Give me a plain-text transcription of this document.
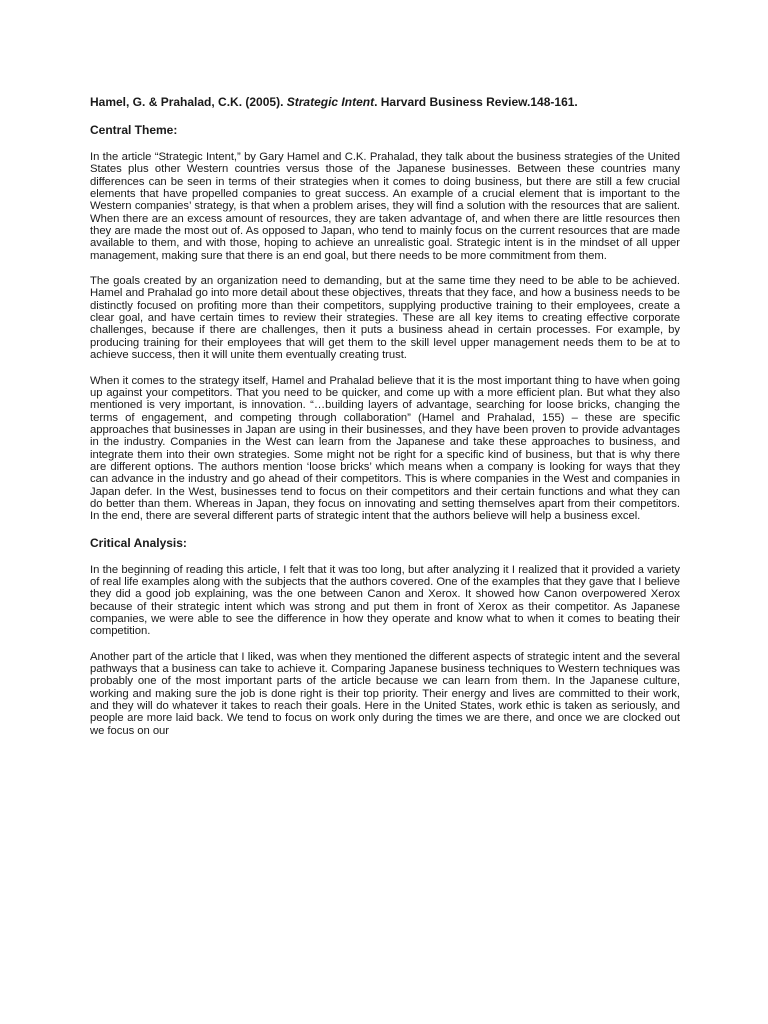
Hamel, G. & Prahalad, C.K. (2005). Strategic Intent. Harvard Business Review.148-161.

Central Theme:

In the article “Strategic Intent,” by Gary Hamel and C.K. Prahalad, they talk about the business strategies of the United States plus other Western countries versus those of the Japanese businesses. Between these countries many differences can be seen in terms of their strategies when it comes to doing business, but there are still a few crucial elements that have propelled companies to great success. An example of a crucial element that is important to the Western companies’ strategy, is that when a problem arises, they will find a solution with the resources that are salient. When there are an excess amount of resources, they are taken advantage of, and when there are little resources then they are made the most out of. As opposed to Japan, who tend to mainly focus on the current resources that are made available to them, and with those, hoping to achieve an unrealistic goal. Strategic intent is in the mindset of all upper management, making sure that there is an end goal, but there needs to be more commitment from them.

The goals created by an organization need to demanding, but at the same time they need to be able to be achieved. Hamel and Prahalad go into more detail about these objectives, threats that they face, and how a business needs to be distinctly focused on profiting more than their competitors, supplying productive training to their employees, create a clear goal, and have certain times to review their strategies. These are all key items to creating effective corporate challenges, because if there are challenges, then it puts a business ahead in certain processes. For example, by producing training for their employees that will get them to the skill level upper management needs them to be at to achieve success, then it will unite them eventually creating trust.

When it comes to the strategy itself, Hamel and Prahalad believe that it is the most important thing to have when going up against your competitors. That you need to be quicker, and come up with a more efficient plan. But what they also mentioned is very important, is innovation. “…building layers of advantage, searching for loose bricks, changing the terms of engagement, and competing through collaboration” (Hamel and Prahalad, 155) – these are specific approaches that businesses in Japan are using in their businesses, and they have been proven to provide advantages in the industry. Companies in the West can learn from the Japanese and take these approaches to business, and integrate them into their own strategies. Some might not be right for a specific kind of business, but that is why there are different options. The authors mention ‘loose bricks’ which means when a company is looking for ways that they can advance in the industry and go ahead of their competitors. This is where companies in the West and companies in Japan defer. In the West, businesses tend to focus on their competitors and their certain functions and what they can do better than them. Whereas in Japan, they focus on innovating and setting themselves apart from their competitors. In the end, there are several different parts of strategic intent that the authors believe will help a business excel.

Critical Analysis:

In the beginning of reading this article, I felt that it was too long, but after analyzing it I realized that it provided a variety of real life examples along with the subjects that the authors covered. One of the examples that they gave that I believe they did a good job explaining, was the one between Canon and Xerox. It showed how Canon overpowered Xerox because of their strategic intent which was strong and put them in front of Xerox as their competitor. As Japanese companies, we were able to see the difference in how they operate and know what to when it comes to beating their competition.

Another part of the article that I liked, was when they mentioned the different aspects of strategic intent and the several pathways that a business can take to achieve it. Comparing Japanese business techniques to Western techniques was probably one of the most important parts of the article because we can learn from them. In the Japanese culture, working and making sure the job is done right is their top priority. Their energy and lives are committed to their work, and they will do whatever it takes to reach their goals. Here in the United States, work ethic is taken as seriously, and people are more laid back. We tend to focus on work only during the times we are there, and once we are clocked out we focus on our
